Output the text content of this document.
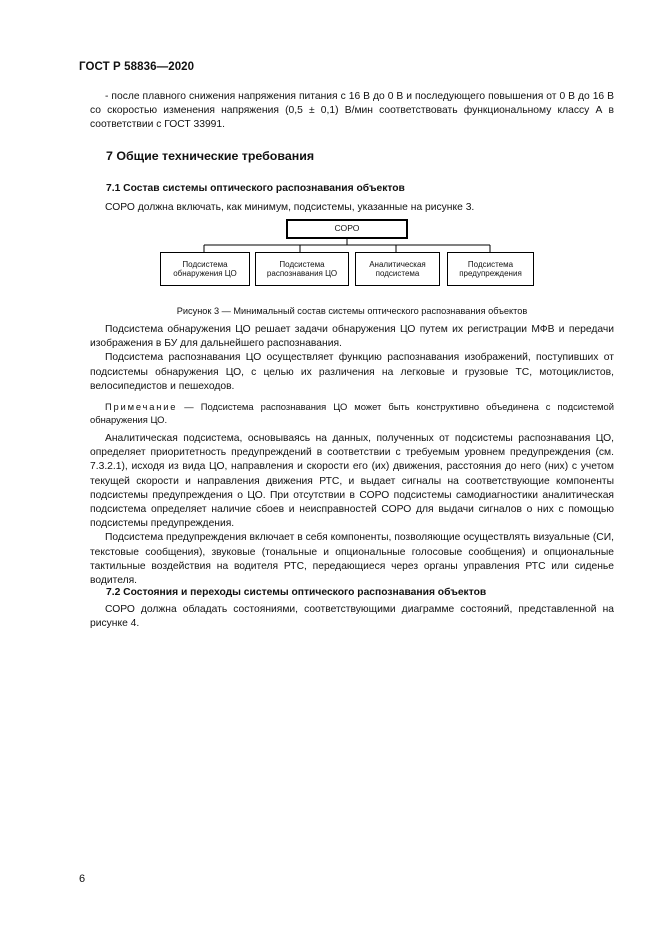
ГОСТ Р 58836—2020

- после плавного снижения напряжения питания с 16 В до 0 В и последующего повышения от 0 В до 16 В со скоростью изменения напряжения (0,5 ± 0,1) В/мин соответствовать функциональному классу А в соответствии с ГОСТ 33991.

7 Общие технические требования
7.1 Состав системы оптического распознавания объектов

СОРО должна включать, как минимум, подсистемы, указанные на рисунке 3.

СОРО
Подсистема
обнаружения ЦО
Подсистема
распознавания ЦО
Аналитическая
подсистема
Подсистема
предупреждения
Рисунок 3 — Минимальный состав системы оптического распознавания объектов

Подсистема обнаружения ЦО решает задачи обнаружения ЦО путем их регистрации МФВ и передачи изображения в БУ для дальнейшего распознавания.

Подсистема распознавания ЦО осуществляет функцию распознавания изображений, поступивших от подсистемы обнаружения ЦО, с целью их различения на легковые и грузовые ТС, мотоциклистов, велосипедистов и пешеходов.

Примечание — Подсистема распознавания ЦО может быть конструктивно объединена с подсистемой обнаружения ЦО.

Аналитическая подсистема, основываясь на данных, полученных от подсистемы распознавания ЦО, определяет приоритетность предупреждений в соответствии с требуемым уровнем предупреждения (см. 7.3.2.1), исходя из вида ЦО, направления и скорости его (их) движения, расстояния до него (них) с учетом текущей скорости и направления движения РТС, и выдает сигналы на соответствующие компоненты подсистемы предупреждения о ЦО. При отсутствии в СОРО подсистемы самодиагностики аналитическая подсистема определяет наличие сбоев и неисправностей СОРО для выдачи сигналов о них с помощью подсистемы предупреждения.

Подсистема предупреждения включает в себя компоненты, позволяющие осуществлять визуальные (СИ, текстовые сообщения), звуковые (тональные и опциональные голосовые сообщения) и опциональные тактильные воздействия на водителя РТС, передающиеся через органы управления РТС или сиденье водителя.

7.2 Состояния и переходы системы оптического распознавания объектов

СОРО должна обладать состояниями, соответствующими диаграмме состояний, представленной на рисунке 4.

6
